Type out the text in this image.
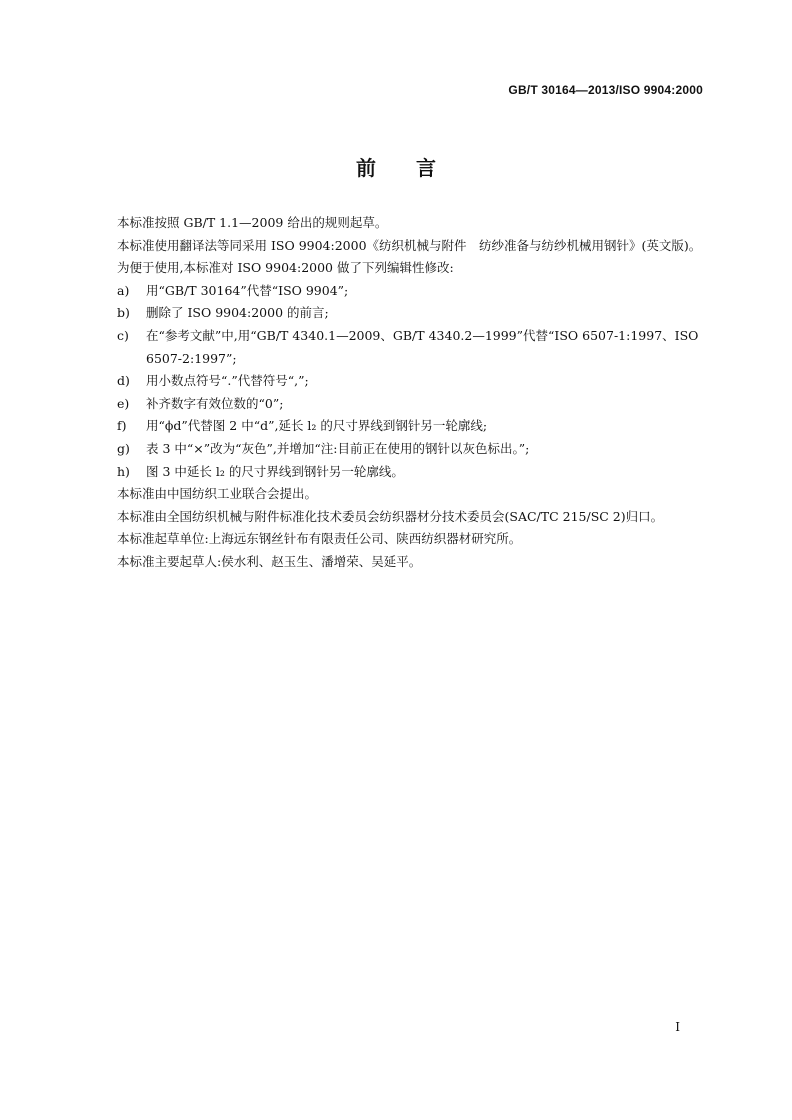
GB/T 30164—2013/ISO 9904:2000
前 言

本标准按照 GB/T 1.1—2009 给出的规则起草。

本标准使用翻译法等同采用 ISO 9904:2000《纺织机械与附件　纺纱准备与纺纱机械用钢针》(英文版)。

为便于使用,本标准对 ISO 9904:2000 做了下列编辑性修改:

a)	用“GB/T 30164”代替“ISO 9904”;
b)	删除了 ISO 9904:2000 的前言;
c)	在“参考文献”中,用“GB/T 4340.1—2009、GB/T 4340.2—1999”代替“ISO 6507-1:1997、ISO 6507-2:1997”;
d)	用小数点符号“.”代替符号“,”;
e)	补齐数字有效位数的“0”;
f)	用“ϕd”代替图 2 中“d”,延长 l₂ 的尺寸界线到钢针另一轮廓线;
g)	表 3 中“×”改为“灰色”,并增加“注:目前正在使用的钢针以灰色标出。”;
h)	图 3 中延长 l₂ 的尺寸界线到钢针另一轮廓线。

本标准由中国纺织工业联合会提出。

本标准由全国纺织机械与附件标准化技术委员会纺织器材分技术委员会(SAC/TC 215/SC 2)归口。

本标准起草单位:上海远东钢丝针布有限责任公司、陕西纺织器材研究所。

本标准主要起草人:侯水利、赵玉生、潘增荣、吴延平。

I
